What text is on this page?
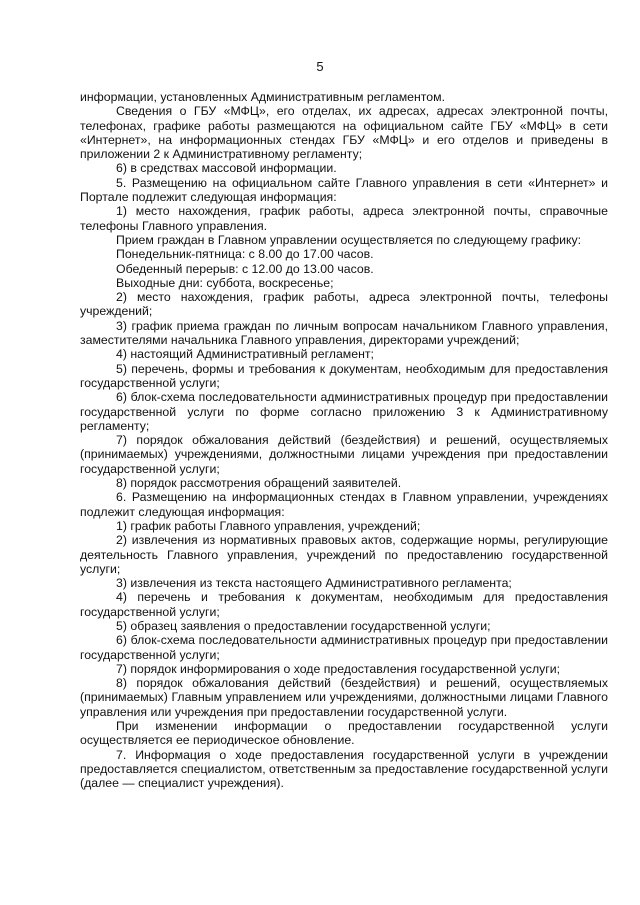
5

информации, установленных Административным регламентом.

Сведения о ГБУ «МФЦ», его отделах, их адресах, адресах электронной почты, телефонах, графике работы размещаются на официальном сайте ГБУ «МФЦ» в сети «Интернет», на информационных стендах ГБУ «МФЦ» и его отделов и приведены в приложении 2 к Административному регламенту;

6) в средствах массовой информации.

5. Размещению на официальном сайте Главного управления в сети «Интернет» и Портале подлежит следующая информация:

1) место нахождения, график работы, адреса электронной почты, справочные телефоны Главного управления.

Прием граждан в Главном управлении осуществляется по следующему графику:

Понедельник-пятница: с 8.00 до 17.00 часов.

Обеденный перерыв: с 12.00 до 13.00 часов.

Выходные дни: суббота, воскресенье;

2) место нахождения, график работы, адреса электронной почты, телефоны учреждений;

3) график приема граждан по личным вопросам начальником Главного управления, заместителями начальника Главного управления, директорами учреждений;

4) настоящий Административный регламент;

5) перечень, формы и требования к документам, необходимым для предоставления государственной услуги;

6) блок-схема последовательности административных процедур при предоставлении государственной услуги по форме согласно приложению 3 к Административному регламенту;

7) порядок обжалования действий (бездействия) и решений, осуществляемых (принимаемых) учреждениями, должностными лицами учреждения при предоставлении государственной услуги;

8) порядок рассмотрения обращений заявителей.

6. Размещению на информационных стендах в Главном управлении, учреждениях подлежит следующая информация:

1) график работы Главного управления, учреждений;

2) извлечения из нормативных правовых актов, содержащие нормы, регулирующие деятельность Главного управления, учреждений по предоставлению государственной услуги;

3) извлечения из текста настоящего Административного регламента;

4) перечень и требования к документам, необходимым для предоставления государственной услуги;

5) образец заявления о предоставлении государственной услуги;

6) блок-схема последовательности административных процедур при предоставлении государственной услуги;

7) порядок информирования о ходе предоставления государственной услуги;

8) порядок обжалования действий (бездействия) и решений, осуществляемых (принимаемых) Главным управлением или учреждениями, должностными лицами Главного управления или учреждения при предоставлении государственной услуги.

При изменении информации о предоставлении государственной услуги осуществляется ее периодическое обновление.

7. Информация о ходе предоставления государственной услуги в учреждении предоставляется специалистом, ответственным за предоставление государственной услуги (далее — специалист учреждения).
